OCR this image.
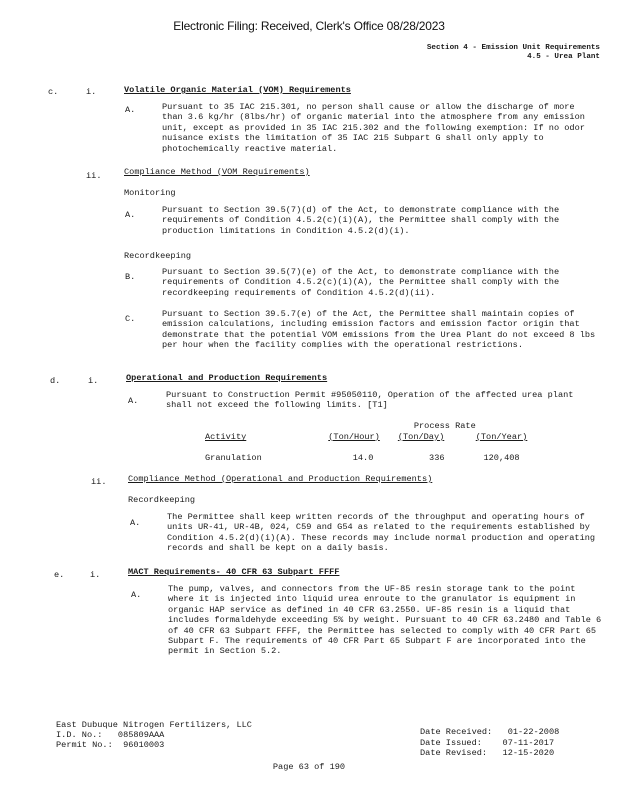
Electronic Filing: Received, Clerk's Office 08/28/2023
Section 4 - Emission Unit Requirements
4.5 - Urea Plant
c.	i.	Volatile Organic Material (VOM) Requirements
A.	Pursuant to 35 IAC 215.301, no person shall cause or allow the discharge of more than 3.6 kg/hr (8lbs/hr) of organic material into the atmosphere from any emission unit, except as provided in 35 IAC 215.302 and the following exemption: If no odor nuisance exists the limitation of 35 IAC 215 Subpart G shall only apply to photochemically reactive material.
ii.	Compliance Method (VOM Requirements)
Monitoring
A.	Pursuant to Section 39.5(7)(d) of the Act, to demonstrate compliance with the requirements of Condition 4.5.2(c)(i)(A), the Permittee shall comply with the production limitations in Condition 4.5.2(d)(i).
Recordkeeping
B.	Pursuant to Section 39.5(7)(e) of the Act, to demonstrate compliance with the requirements of Condition 4.5.2(c)(i)(A), the Permittee shall comply with the recordkeeping requirements of Condition 4.5.2(d)(ii).
C.	Pursuant to Section 39.5.7(e) of the Act, the Permittee shall maintain copies of emission calculations, including emission factors and emission factor origin that demonstrate that the potential VOM emissions from the Urea Plant do not exceed 8 lbs per hour when the facility complies with the operational restrictions.
d.	i.	Operational and Production Requirements
A.
Pursuant to Construction Permit #95050110, Operation of the affected urea plant shall not exceed the following limits. [T1]
		Process Rate	
Activity	(Ton/Hour)	(Ton/Day)	(Ton/Year)
Granulation	14.0	336	120,408
ii.	Compliance Method (Operational and Production Requirements)
Recordkeeping
A.
The Permittee shall keep written records of the throughput and operating hours of units UR-41, UR-4B, 024, C59 and G54 as related to the requirements established by Condition 4.5.2(d)(i)(A). These records may include normal production and operating records and shall be kept on a daily basis.
e.	i.	MACT Requirements- 40 CFR 63 Subpart FFFF
A.
The pump, valves, and connectors from the UF-85 resin storage tank to the point where it is injected into liquid urea enroute to the granulator is equipment in organic HAP service as defined in 40 CFR 63.2550. UF-85 resin is a liquid that includes formaldehyde exceeding 5% by weight. Pursuant to 40 CFR 63.2480 and Table 6 of 40 CFR 63 Subpart FFFF, the Permittee has selected to comply with 40 CFR Part 65 Subpart F. The requirements of 40 CFR Part 65 Subpart F are incorporated into the permit in Section 5.2.
East Dubuque Nitrogen Fertilizers, LLC
I.D. No.: 085809AAA
Permit No.: 96010003
Date Received: 01-22-2008
Date Issued: 07-11-2017
Date Revised: 12-15-2020
Page 63 of 190
